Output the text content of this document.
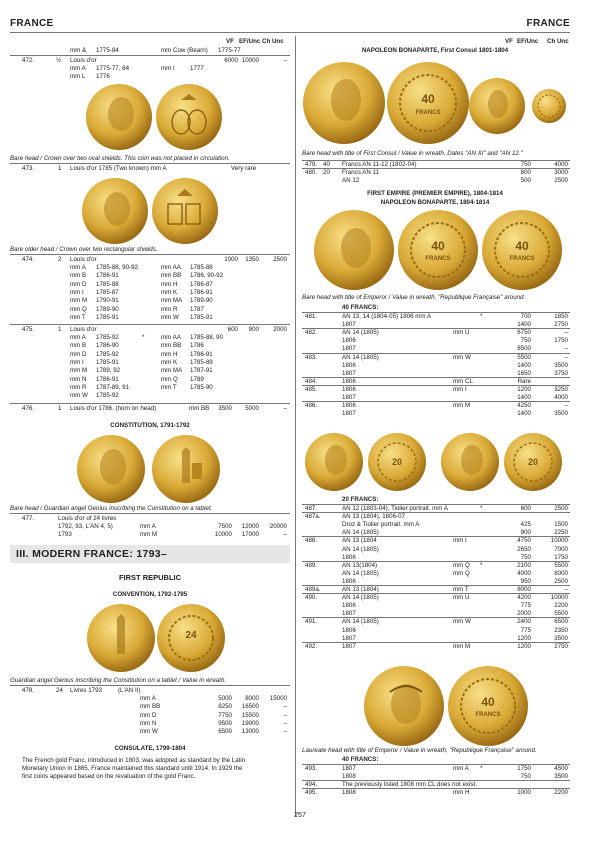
FRANCE	FRANCE
VF EF/Unc Ch Unc	VF EF/Unc Ch Unc
mm & 1775-84	mm Cow (Bearn) 1775-77
472.	½ Louis d'or	6000 10000	–
mm A 1775-77, 84	mm I 1777
mm L 1776
Bare head / Crown over two oval shields. This coin was not placed in circulation.
473.	1 Louis d'or 1785 (Two known) mm A	Very rare
Bare older head / Crown over two rectangular shields.
474.	2 Louis d'or	1000	1350	2500
mm A 1785-88, 90-92	mm AA 1785-88
mm B 1786-91	mm BB 1786, 90-92
mm D 1785-88	mm H 1786-87
mm I 1785-87	mm K 1786-91
mm M 1790-91	mm MA 1789-90
mm Q 1789-90	mm R 1787
mm T 1785-91	mm W 1785-91
475.	1 Louis d'or	600	900	2000
mm A 1785-92	*	mm AA 1785-88, 90
mm B 1786-90	mm BB 1786
mm D 1785-92	mm H 1786-91
mm I 1785-91	mm K 1785-89
mm M 1789, 92	mm MA 1787-91
mm N 1786-91	mm Q 1789
mm R 1787-89, 91	mm T 1785-90
mm W 1785-92
476.	1 Louis d'or 1786. (horn on head)	mm BB	3500	5000	–
CONSTITUTION, 1791-1792
Bare head / Guardian angel Genius inscribing the Constitution on a tablet.
477.	Louis d'or of 24 livres
1792, 93, L'AN 4, 5)	mm A	7500	12000	20000
1793	mm M	10000	17000	–
III. MODERN FRANCE: 1793–
FIRST REPUBLIC
CONVENTION, 1792-1795
24
Guardian angel Genius inscribing the Constitution on a tablet / Value in wreath.
478.	24 Livres 1793	(L'AN II)
mm A	5000	8000	15000
mm BB	8250	16500	–
mm D	7750	15500	–
mm N	9500	19000	–
mm W	6500	13000	–
CONSULATE, 1799-1804
The French gold Franc, introduced in 1803, was adopted as standard by the Latin
Monetary Union in 1865. France maintained this standard until 1914. In 1929 the
first coins appeared based on the revaluation of the gold Franc.
NAPOLEON BONAPARTE, First Consul 1801-1804
40
FRANCS
Bare head with title of First Consul / Value in wreath. Dates "AN XI" and "AN 12."
479. 40 Francs AN 11-12 (1802-04)	750	4000
480. 20 Francs AN 11	800	3000
AN 12	500	2500
FIRST EMPIRE (PREMIER EMPIRE), 1804-1814
NAPOLEON BONAPARTE, 1804-1814
40
FRANCS
40
FRANCS
Bare head with title of Emperor / Value in wreath, "Republique Française" around.
40 FRANCS:
481.	AN 13, 14 (1804-05) 1806 mm A	*	700	1850
1807	1400	2750
482.	AN 14 (1805)	mm U	6750	–
1806	750	1750
1807	8500	–
483.	AN 14 (1805)	mm W	5500	–
1806	1400	3500
1807	1650	3750
484.	1806	mm CL	Rare
485.	1806	mm I	1200	3250
1807	1400	4000
486.	1806	mm M	4250	–
1807	1400	3500
20	20
20 FRANCS:
487.	AN 12 (1803-04), Tiolier portrait. mm A	*	600	2500
487a.	AN 13 (1804), 1806-07
Droz & Tiolier portrait. mm A	425	1500
AN 14 (1805)	900	2250
488.	AN 13 (1804	mm I	4750	10000
AN 14 (1805)	2650	7000
1806	750	1750
489.	AN 13(1804)	mm Q *	2100	5500
AN 14 (1805)	mm Q	4000	8000
1806	950	2500
489a.	AN 13 (1804)	mm T	8000	–
490.	AN 14 (1805)	mm U	4200	10000
1806	775	2200
1807	2000	5500
491.	AN 14 (1805)	mm W	2400	6500
1806	775	2350
1807	1200	3500
492.	1807	mm M	1200	2750
40
FRANCS
Laureate head with title of Emperor / Value in wreath, "Republique Française" around.
40 FRANCS:
493.	1807	mm A *	1750	4500
1808	750	3500
494.	The previously listed 1808 mm CL does not exist.
495.	1808	mm H	1000	2200
257
